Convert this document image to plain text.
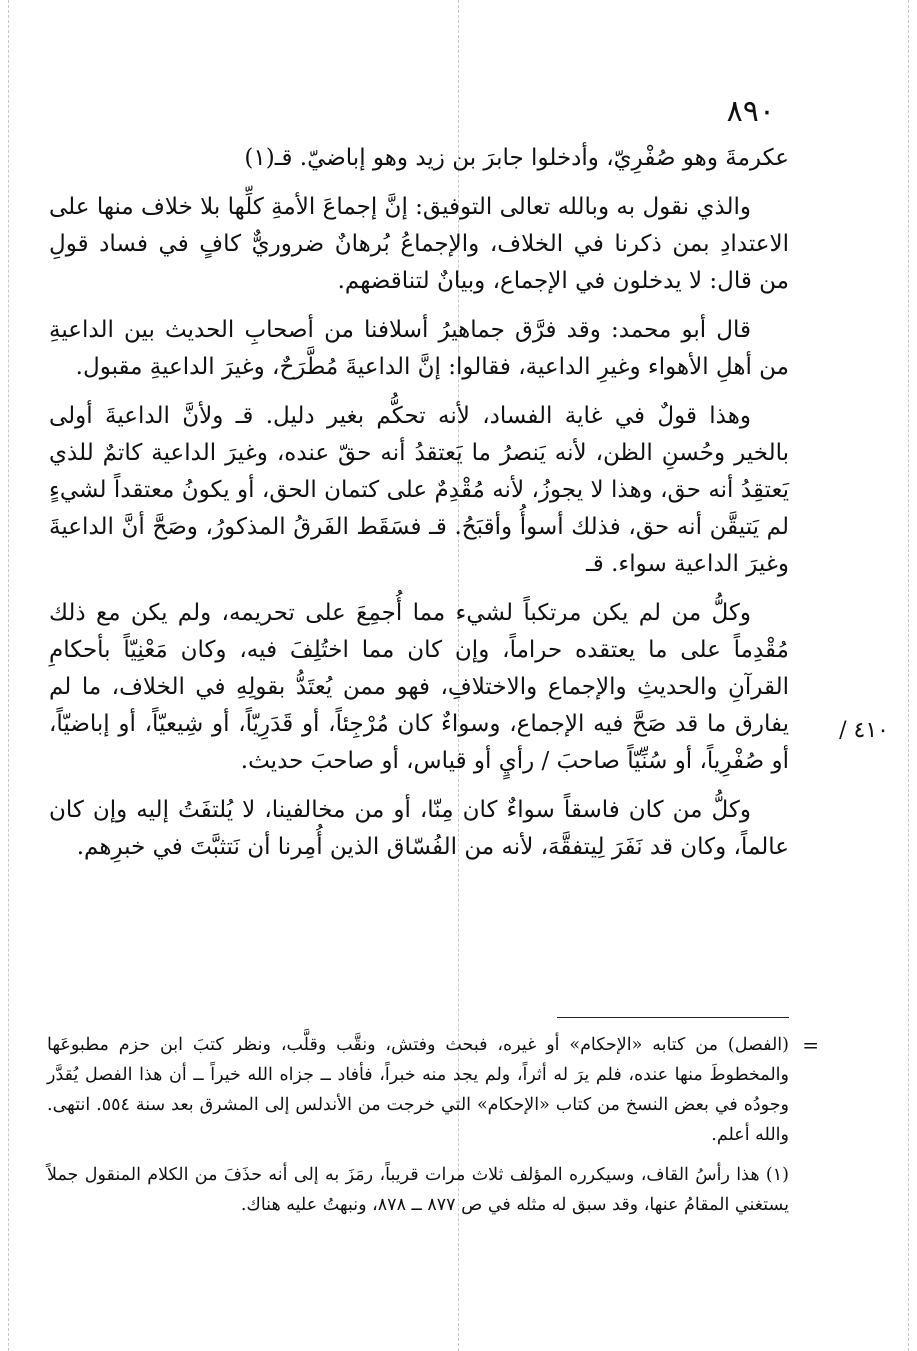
٨٩٠

/ ٤١٠

عكرمةَ وهو صُفْرِيّ، وأدخلوا جابرَ بن زيد وهو إباضيّ. قـ(١)

والذي نقول به وبالله تعالى التوفيق: إنَّ إجماعَ الأمةِ كلِّها بلا خلاف منها على الاعتدادِ بمن ذكرنا في الخلاف، والإجماعُ بُرهانٌ ضروريٌّ كافٍ في فساد قولِ من قال: لا يدخلون في الإجماع، وبيانٌ لتناقضهم.

قال أبو محمد: وقد فرَّق جماهيرُ أسلافنا من أصحابِ الحديث بين الداعيةِ من أهلِ الأهواء وغيرِ الداعية، فقالوا: إنَّ الداعيةَ مُطَّرَحٌ، وغيرَ الداعيةِ مقبول.

وهذا قولٌ في غاية الفساد، لأنه تحكُّم بغير دليل. قـ ولأنَّ الداعيةَ أولى بالخير وحُسنِ الظن، لأنه يَنصرُ ما يَعتقدُ أنه حقّ عنده، وغيرَ الداعية كاتمٌ للذي يَعتقِدُ أنه حق، وهذا لا يجوزُ، لأنه مُقْدِمٌ على كتمان الحق، أو يكونُ معتقداً لشيءٍ لم يَتيقَّن أنه حق، فذلك أسوأُ وأقبَحُ. قـ فسَقَط الفَرقُ المذكورُ، وصَحَّ أنَّ الداعيةَ وغيرَ الداعية سواء. قـ

وكلُّ من لم يكن مرتكباً لشيء مما أُجمِعَ على تحريمه، ولم يكن مع ذلك مُقْدِماً على ما يعتقده حراماً، وإن كان مما اختُلِفَ فيه، وكان مَعْنِيّاً بأحكامِ القرآنِ والحديثِ والإجماع والاختلافِ، فهو ممن يُعتَدُّ بقولِهِ في الخلاف، ما لم يفارق ما قد صَحَّ فيه الإجماع، وسواءٌ كان مُرْجِئاً، أو قَدَرِيّاً، أو شِيعيّاً، أو إباضيّاً، أو صُفْرِياً، أو سُنِّيّاً صاحبَ / رأيٍ أو قياس، أو صاحبَ حديث.

وكلُّ من كان فاسقاً سواءٌ كان مِنّا، أو من مخالفينا، لا يُلتفَتُ إليه وإن كان عالماً، وكان قد نَفَرَ لِيتفقَّهَ، لأنه من الفُسّاق الذين أُمِرنا أن نَتثبَّتَ في خبرِهم.

=

(الفصل) من كتابه «الإحكام» أو غيره، فبحث وفتش، ونقَّب وقلَّب، ونظر كتبَ ابن حزم مطبوعَها والمخطوطَ منها عنده، فلم يرَ له أثراً، ولم يجد منه خبراً، فأفاد ــ جزاه الله خيراً ــ أن هذا الفصل يُقدَّر وجودُه في بعض النسخ من كتاب «الإحكام» التي خرجت من الأندلس إلى المشرق بعد سنة ٥٥٤. انتهى. والله أعلم.

(١) هذا رأسُ القاف، وسيكرره المؤلف ثلاث مرات قريباً، رمَزَ به إلى أنه حذَفَ من الكلام المنقول جملاً يستغني المقامُ عنها، وقد سبق له مثله في ص ٨٧٧ ــ ٨٧٨، ونبهتُ عليه هناك.
